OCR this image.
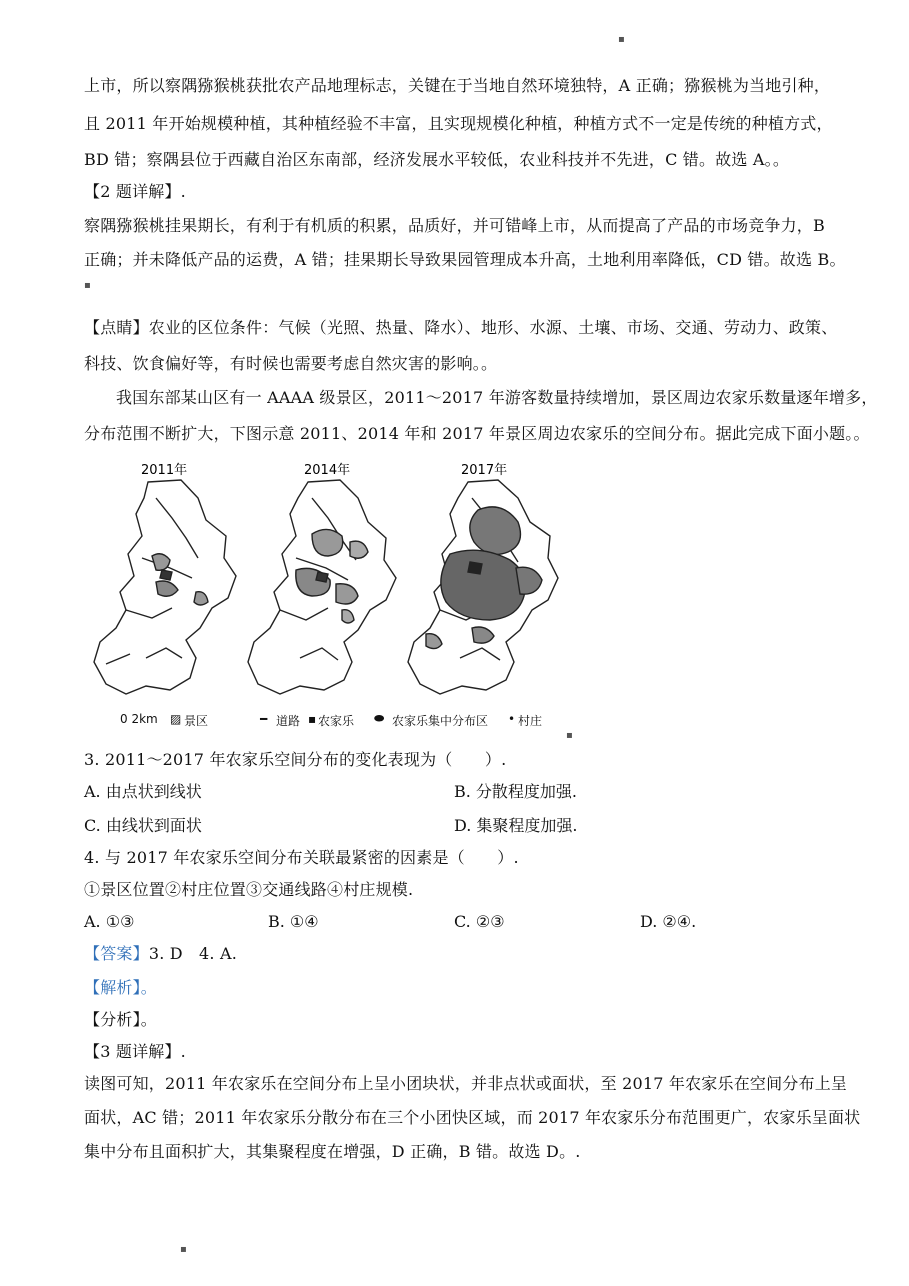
▪
上市，所以察隅猕猴桃获批农产品地理标志，关键在于当地自然环境独特，A 正确；猕猴桃为当地引种，
且 2011 年开始规模种植，其种植经验不丰富，且实现规模化种植，种植方式不一定是传统的种植方式，
BD 错；察隅县位于西藏自治区东南部，经济发展水平较低，农业科技并不先进，C 错。故选 A。。
【2 题详解】.
察隅猕猴桃挂果期长，有利于有机质的积累，品质好，并可错峰上市，从而提高了产品的市场竞争力，B
正确；并未降低产品的运费，A 错；挂果期长导致果园管理成本升高，土地利用率降低，CD 错。故选 B。
▪
【点睛】农业的区位条件：气候（光照、热量、降水）、地形、水源、土壤、市场、交通、劳动力、政策、
科技、饮食偏好等，有时候也需要考虑自然灾害的影响。。
我国东部某山区有一 AAAA 级景区，2011～2017 年游客数量持续增加，景区周边农家乐数量逐年增多，
分布范围不断扩大，下图示意 2011、2014 年和 2017 年景区周边农家乐的空间分布。据此完成下面小题。。
2011年	2014年	2017年
0 2km ▨ 景区	━ 道路 ▪ 农家乐 ⬬ 农家乐集中分布区 • 村庄
▪
3. 2011～2017 年农家乐空间分布的变化表现为（　　）.
A. 由点状到线状	B. 分散程度加强.
C. 由线状到面状	D. 集聚程度加强.
4. 与 2017 年农家乐空间分布关联最紧密的因素是（　　）.
①景区位置②村庄位置③交通线路④村庄规模.
A. ①③	B. ①④	C. ②③	D. ②④.
【答案】3. D　4. A.
【解析】。
【分析】。
【3 题详解】.
读图可知，2011 年农家乐在空间分布上呈小团块状，并非点状或面状，至 2017 年农家乐在空间分布上呈
面状，AC 错；2011 年农家乐分散分布在三个小团快区域，而 2017 年农家乐分布范围更广，农家乐呈面状
集中分布且面积扩大，其集聚程度在增强，D 正确，B 错。故选 D。.
▪
